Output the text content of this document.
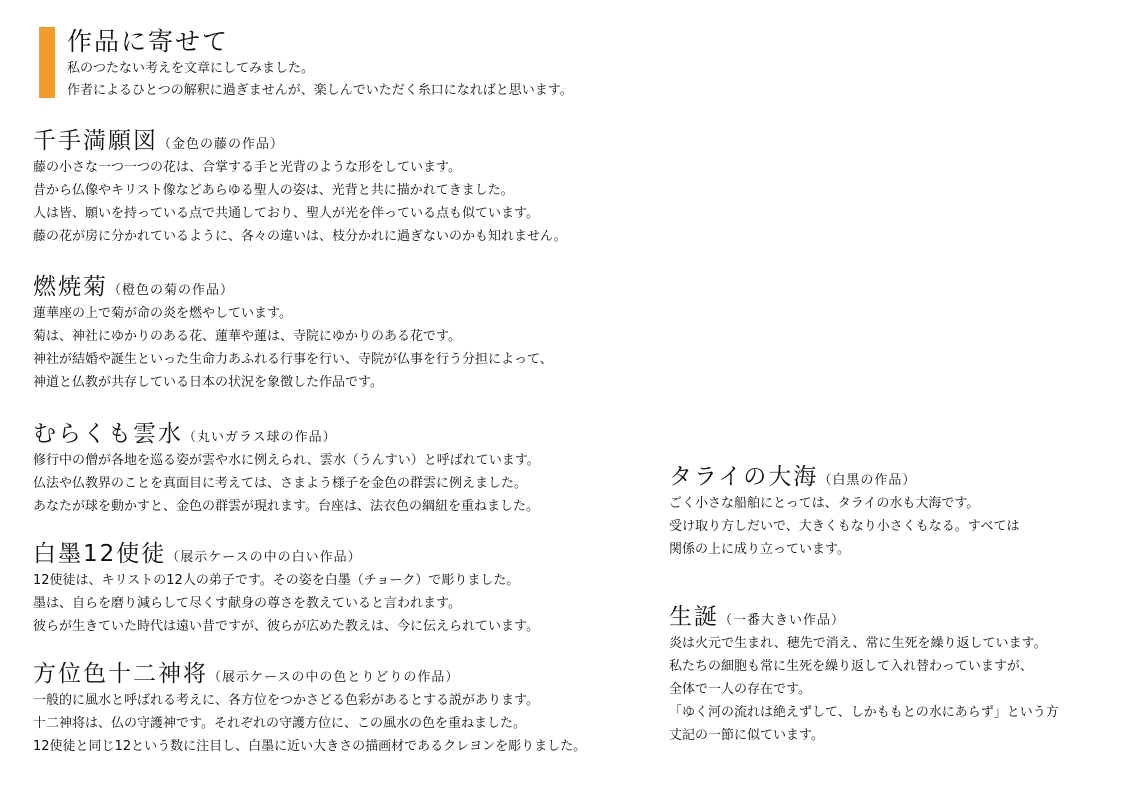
作品に寄せて
私のつたない考えを文章にしてみました。
作者によるひとつの解釈に過ぎませんが、楽しんでいただく糸口になればと思います。
千手満願図（金色の藤の作品）
藤の小さな一つ一つの花は、合掌する手と光背のような形をしています。
昔から仏像やキリスト像などあらゆる聖人の姿は、光背と共に描かれてきました。
人は皆、願いを持っている点で共通しており、聖人が光を伴っている点も似ています。
藤の花が房に分かれているように、各々の違いは、枝分かれに過ぎないのかも知れません。
燃焼菊（橙色の菊の作品）
蓮華座の上で菊が命の炎を燃やしています。
菊は、神社にゆかりのある花、蓮華や蓮は、寺院にゆかりのある花です。
神社が結婚や誕生といった生命力あふれる行事を行い、寺院が仏事を行う分担によって、
神道と仏教が共存している日本の状況を象徴した作品です。
むらくも雲水（丸いガラス球の作品）
修行中の僧が各地を巡る姿が雲や水に例えられ、雲水（うんすい）と呼ばれています。
仏法や仏教界のことを真面目に考えては、さまよう様子を金色の群雲に例えました。
あなたが球を動かすと、金色の群雲が現れます。台座は、法衣色の綱紐を重ねました。
白墨12使徒（展示ケースの中の白い作品）
12使徒は、キリストの12人の弟子です。その姿を白墨（チョーク）で彫りました。
墨は、自らを磨り減らして尽くす献身の尊さを教えていると言われます。
彼らが生きていた時代は遠い昔ですが、彼らが広めた教えは、今に伝えられています。
方位色十二神将（展示ケースの中の色とりどりの作品）
一般的に風水と呼ばれる考えに、各方位をつかさどる色彩があるとする説があります。
十二神将は、仏の守護神です。それぞれの守護方位に、この風水の色を重ねました。
12使徒と同じ12という数に注目し、白墨に近い大きさの描画材であるクレヨンを彫りました。
タライの大海（白黒の作品）
ごく小さな船舶にとっては、タライの水も大海です。
受け取り方しだいで、大きくもなり小さくもなる。すべては
関係の上に成り立っています。
生誕（一番大きい作品）
炎は火元で生まれ、穂先で消え、常に生死を繰り返しています。
私たちの細胞も常に生死を繰り返して入れ替わっていますが、
全体で一人の存在です。
「ゆく河の流れは絶えずして、しかももとの水にあらず」という方
丈記の一節に似ています。
